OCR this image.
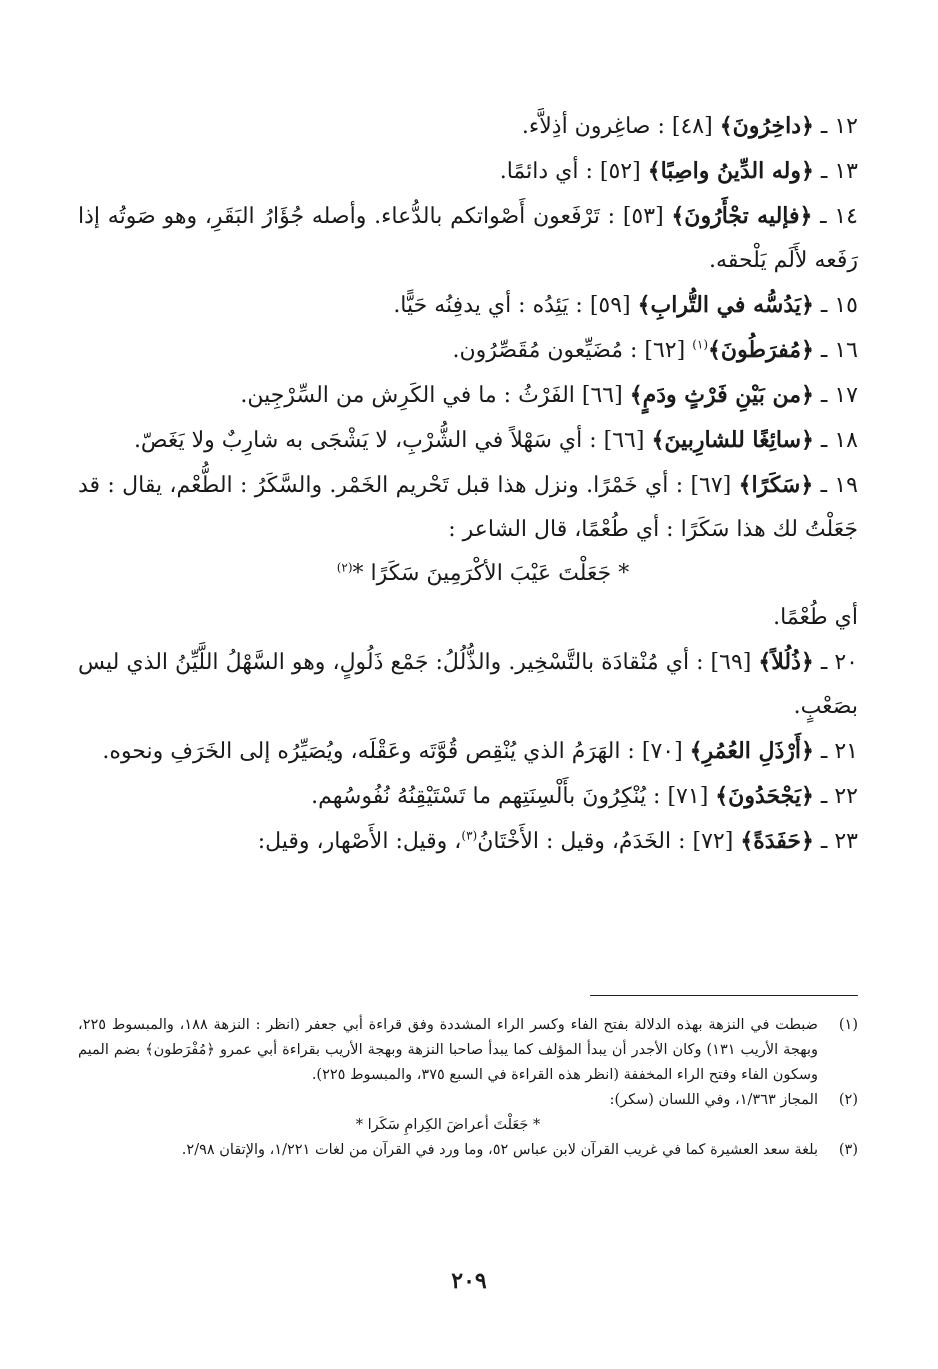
١٢ ـ ﴿داخِرُونَ﴾ [٤٨] : صاغِرون أذِلاَّء.

١٣ ـ ﴿وله الدِّينُ واصِبًا﴾ [٥٢] : أي دائمًا.

١٤ ـ ﴿فإليه تجْأَرُونَ﴾ [٥٣] : تَرْفَعون أَصْواتكم بالدُّعاء. وأصله جُؤَارُ البَقَرِ، وهو صَوتُه إذا رَفَعه لأَلَم يَلْحقه.

١٥ ـ ﴿يَدُسُّه في التُّرابِ﴾ [٥٩] : يَئِدُه : أي يدفِنُه حَيًّا.

١٦ ـ ﴿مُفرَطُونَ﴾$^{(١)}$ [٦٢] : مُضَيِّعون مُقَصِّرُون.

١٧ ـ ﴿من بَيْنِ فَرْثٍ ودَمٍ﴾ [٦٦] الفَرْثُ : ما في الكَرِش من السِّرْجِين.

١٨ ـ ﴿سائِغًا للشارِبينَ﴾ [٦٦] : أي سَهْلاً في الشُّرْبِ، لا يَشْجَى به شارِبٌ ولا يَغَصّ.

١٩ ـ ﴿سَكَرًا﴾ [٦٧] : أي خَمْرًا. ونزل هذا قبل تَحْريم الخَمْر. والسَّكَرُ : الطُّعْم، يقال : قد جَعَلْتُ لك هذا سَكَرًا : أي طُعْمًا، قال الشاعر :

* جَعَلْتَ عَيْبَ الأكْرَمِينَ سَكَرًا *$^{(٢)}$

أي طُعْمًا.

٢٠ ـ ﴿ذُلُلاً﴾ [٦٩] : أي مُنْقادَة بالتَّسْخِير. والذُّلُلُ: جَمْع ذَلُولٍ، وهو السَّهْلُ اللَّيِّنُ الذي ليس بصَعْبٍ.

٢١ ـ ﴿أَرْذَلِ العُمُرِ﴾ [٧٠] : الهَرَمُ الذي يُنْقِص قُوَّتَه وعَقْلَه، ويُصَيِّرُه إلى الخَرَفِ ونحوه.

٢٢ ـ ﴿يَجْحَدُونَ﴾ [٧١] : يُنْكِرُونَ بأَلْسِنَتِهم ما تَسْتَيْقِنُهُ نُفُوسُهم.

٢٣ ـ ﴿حَفَدَةً﴾ [٧٢] : الخَدَمُ، وقيل : الأَخْتَانُ$^{(٣)}$، وقيل: الأَصْهار، وقيل:

(١)
ضبطت في النزهة بهذه الدلالة بفتح الفاء وكسر الراء المشددة وفق قراءة أبي جعفر (انظر : النزهة ١٨٨، والمبسوط ٢٢٥، وبهجة الأريب ١٣١) وكان الأجدر أن يبدأ المؤلف كما يبدأ صاحبا النزهة وبهجة الأريب بقراءة أبي عمرو ﴿مُفْرَطون﴾ بضم الميم وسكون الفاء وفتح الراء المخففة (انظر هذه القراءة في السبع ٣٧٥، والمبسوط ٢٢٥).
(٢)
المجاز ١/٣٦٣، وفي اللسان (سكر):
* جَعَلْتَ أعراضَ الكِرامِ سَكَرا *
(٣)
بلغة سعد العشيرة كما في غريب القرآن لابن عباس ٥٢، وما ورد في القرآن من لغات ١/٢٢١، والإتقان ٢/٩٨.
٢٠٩
